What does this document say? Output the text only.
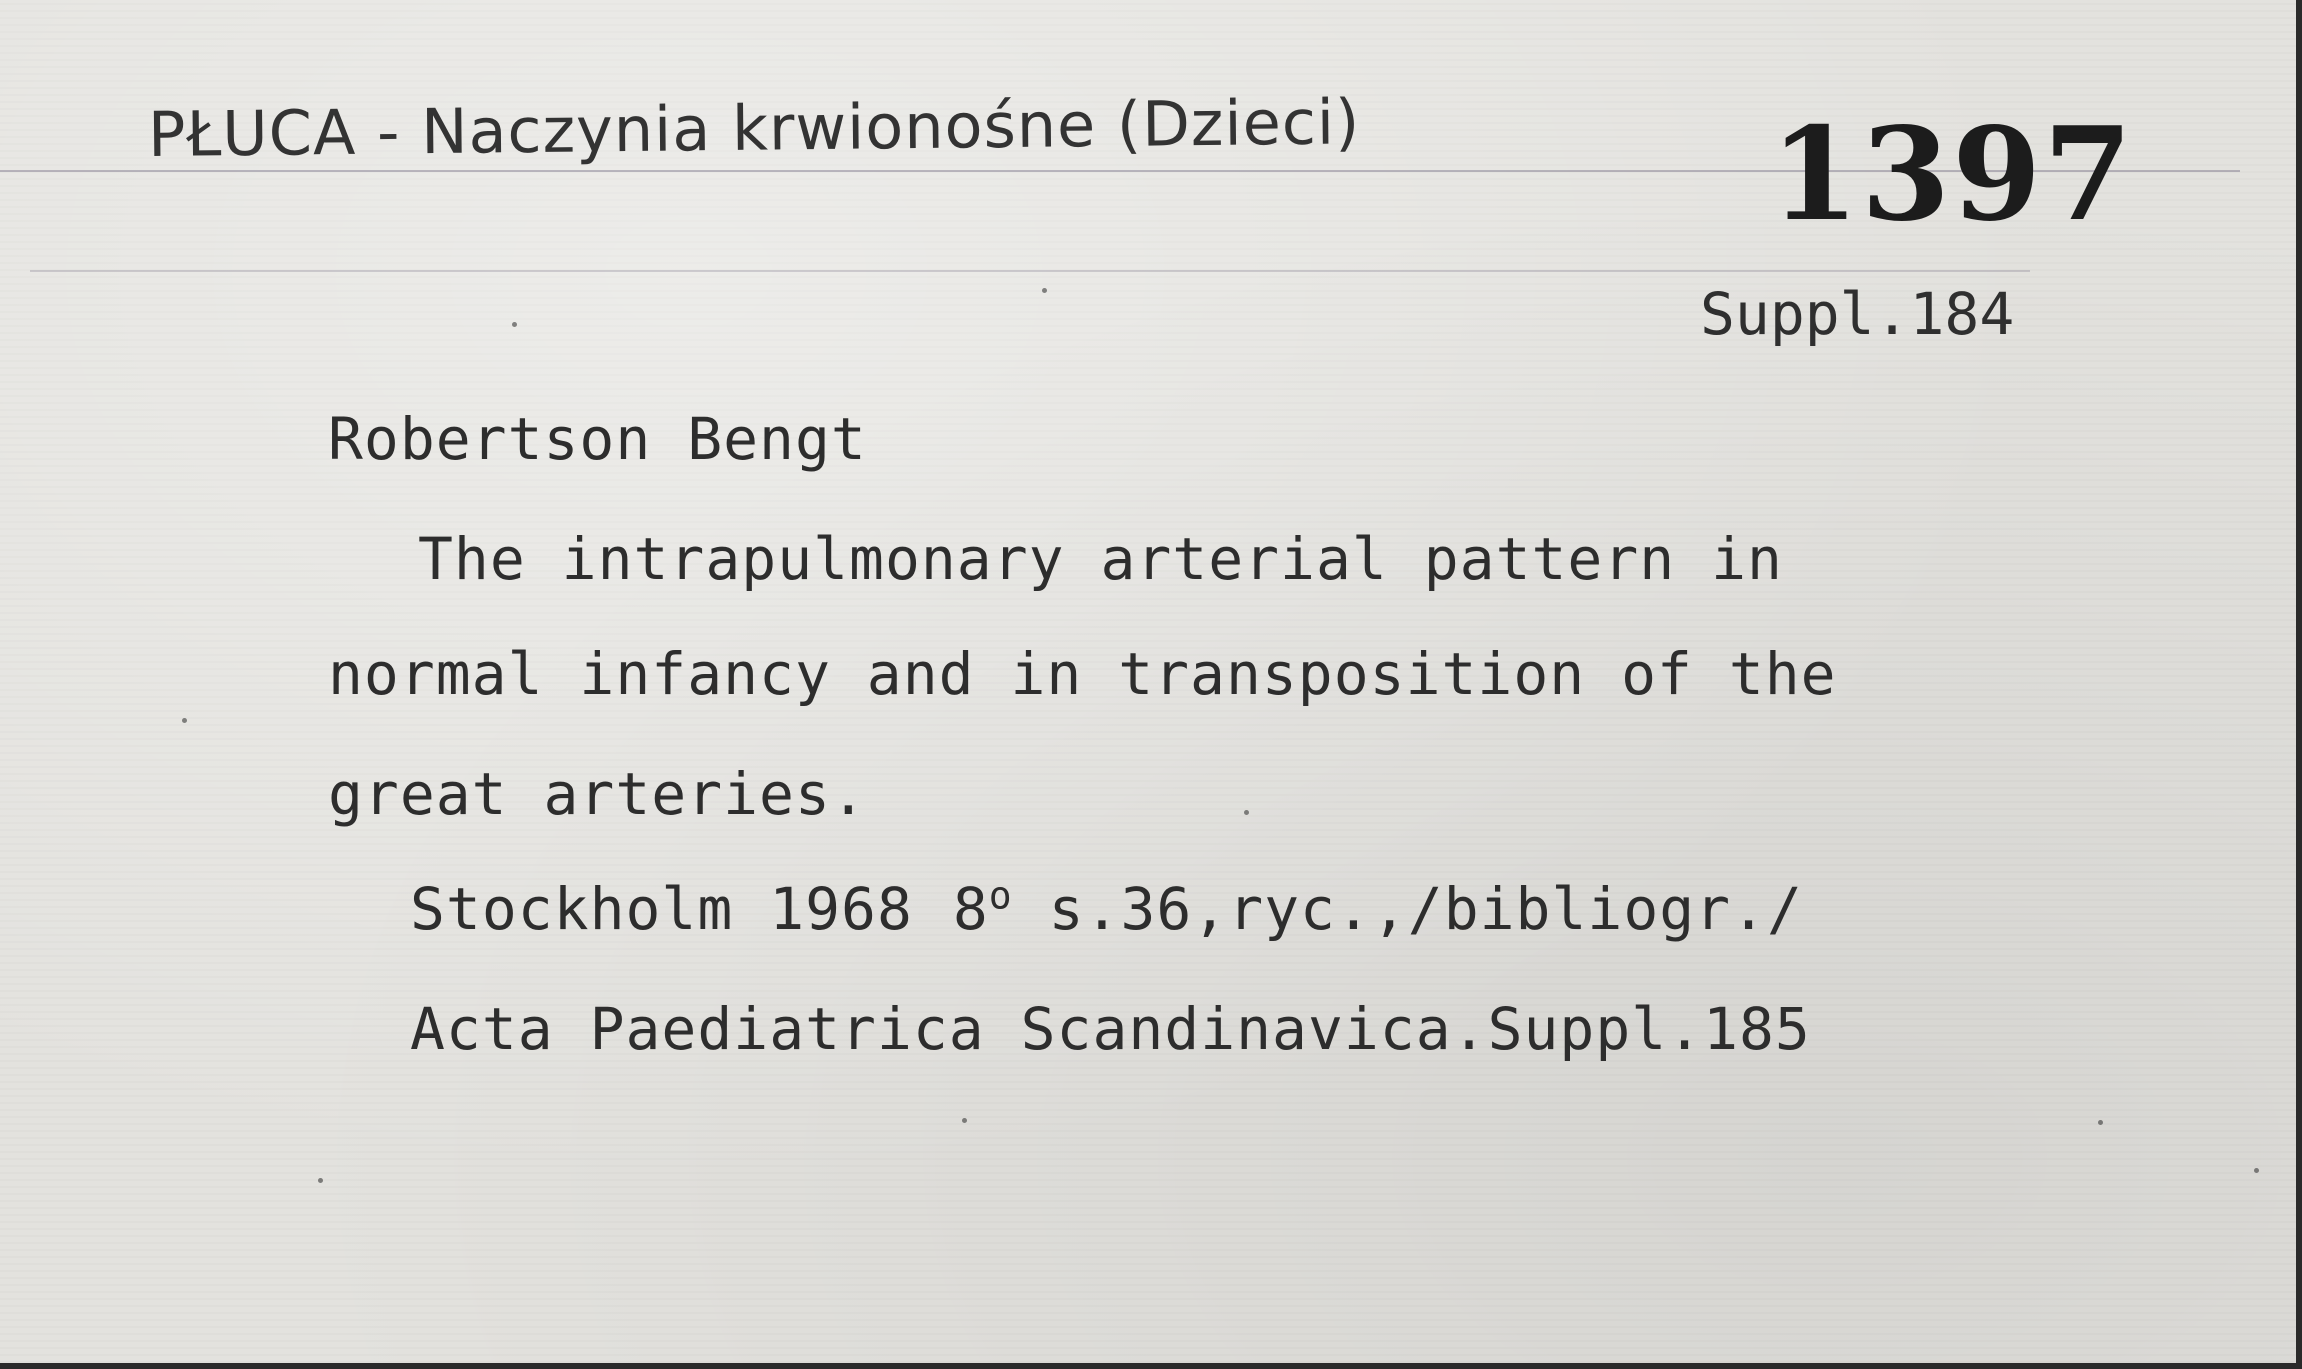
PŁUCA - Naczynia krwionośne (Dzieci)	1397
Suppl.184
Robertson Bengt
The intrapulmonary arterial pattern in
normal infancy and in transposition of the
great arteries.
Stockholm 1968 8$^o$ s.36,ryc.,/bibliogr./
Acta Paediatrica Scandinavica.Suppl.185
